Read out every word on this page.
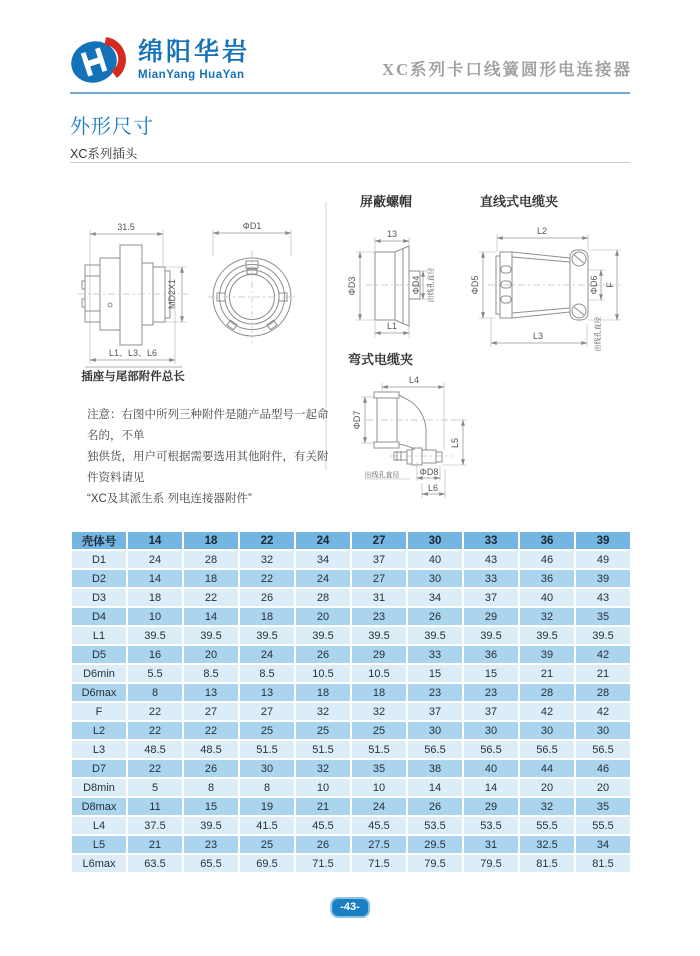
绵阳华岩
MianYang HuaYan	XC系列卡口线簧圆形电连接器
外形尺寸
XC系列插头
31.5
MD2X1
L1、L3、L6
插座与尾部附件总长
ΦD1
屏蔽螺帽
13
ΦD3	ΦD4 出线孔直径
L1
直线式电缆夹
L2
ΦD5	ΦD6 F
出线孔直径
L3
弯式电缆夹
L4
ΦD7
L5
ΦD8
出线孔直径
L6
注意：右图中所列三种附件是随产品型号一起命名的，不单
独供货，用户可根据需要选用其他附件，有关附件资料请见
“XC及其派生系 列电连接器附件”
壳体号	14	18	22	24	27	30	33	36	39
D1	24	28	32	34	37	40	43	46	49
D2	14	18	22	24	27	30	33	36	39
D3	18	22	26	28	31	34	37	40	43
D4	10	14	18	20	23	26	29	32	35
L1	39.5	39.5	39.5	39.5	39.5	39.5	39.5	39.5	39.5
D5	16	20	24	26	29	33	36	39	42
D6min	5.5	8.5	8.5	10.5	10.5	15	15	21	21
D6max	8	13	13	18	18	23	23	28	28
F	22	27	27	32	32	37	37	42	42
L2	22	22	25	25	25	30	30	30	30
L3	48.5	48.5	51.5	51.5	51.5	56.5	56.5	56.5	56.5
D7	22	26	30	32	35	38	40	44	46
D8min	5	8	8	10	10	14	14	20	20
D8max	11	15	19	21	24	26	29	32	35
L4	37.5	39.5	41.5	45.5	45.5	53.5	53.5	55.5	55.5
L5	21	23	25	26	27.5	29.5	31	32.5	34
L6max	63.5	65.5	69.5	71.5	71.5	79.5	79.5	81.5	81.5
-43-
